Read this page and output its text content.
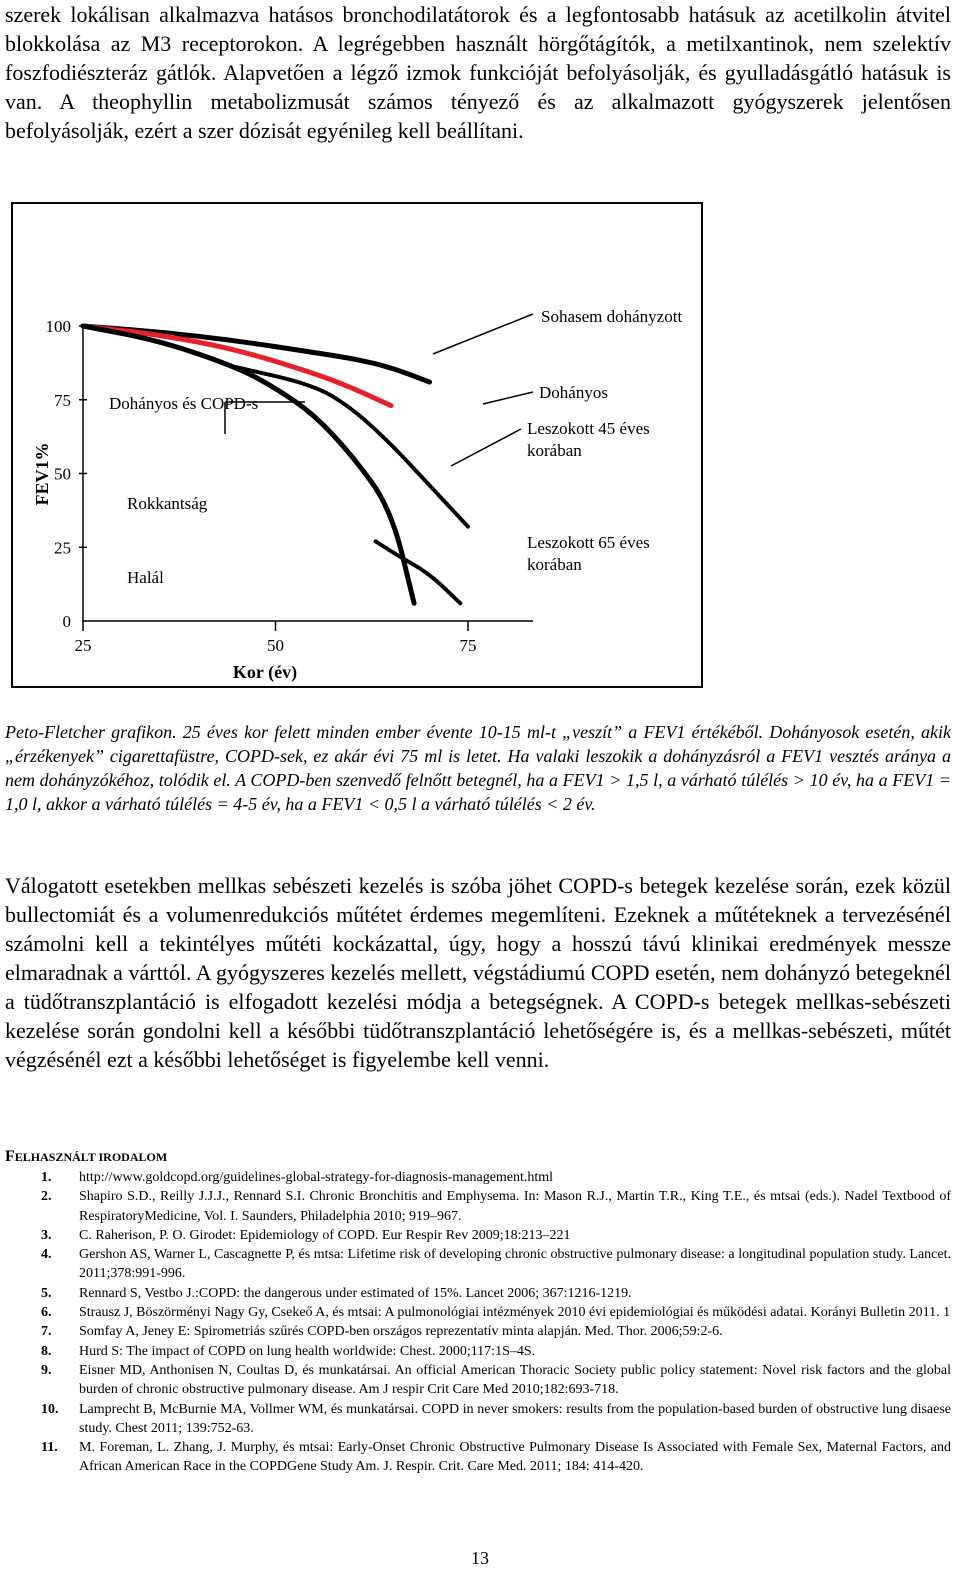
szerek lokálisan alkalmazva hatásos bronchodilatátorok és a legfontosabb hatásuk az acetilkolin átvitel blokkolása az M3 receptorokon. A legrégebben használt hörgőtágítók, a metilxantinok, nem szelektív foszfodiészteráz gátlók. Alapvetően a légző izmok funkcióját befolyásolják, és gyulladásgátló hatásuk is van. A theophyllin metabolizmusát számos tényező és az alkalmazott gyógyszerek jelentősen befolyásolják, ezért a szer dózisát egyénileg kell beállítani.
0
25
50
75
100
25	50	75
Kor (év)
FEV1%
Sohasem dohányzott
Dohányos
Leszokott 45 éves korában
Leszokott 65 éves korában
Dohányos és COPD-s
Rokkantság
Halál
Peto-Fletcher grafikon. 25 éves kor felett minden ember évente 10-15 ml-t „veszít” a FEV1 értékéből. Dohányosok esetén, akik „érzékenyek” cigarettafüstre, COPD-sek, ez akár évi 75 ml is letet. Ha valaki leszokik a dohányzásról a FEV1 vesztés aránya a nem dohányzókéhoz, tolódik el. A COPD-ben szenvedő felnőtt betegnél, ha a FEV1 > 1,5 l, a várható túlélés > 10 év, ha a FEV1 = 1,0 l, akkor a várható túlélés = 4-5 év, ha a FEV1 < 0,5 l a várható túlélés < 2 év.
Válogatott esetekben mellkas sebészeti kezelés is szóba jöhet COPD-s betegek kezelése során, ezek közül bullectomiát és a volumenredukciós műtétet érdemes megemlíteni. Ezeknek a műtéteknek a tervezésénél számolni kell a tekintélyes műtéti kockázattal, úgy, hogy a hosszú távú klinikai eredmények messze elmaradnak a várttól. A gyógyszeres kezelés mellett, végstádiumú COPD esetén, nem dohányzó betegeknél a tüdőtranszplantáció is elfogadott kezelési módja a betegségnek. A COPD-s betegek mellkas-sebészeti kezelése során gondolni kell a későbbi tüdőtranszplantáció lehetőségére is, és a mellkas-sebészeti, műtét végzésénél ezt a későbbi lehetőséget is figyelembe kell venni.
FELHASZNÁLT IRODALOM
1. http://www.goldcopd.org/guidelines-global-strategy-for-diagnosis-management.html
2. Shapiro S.D., Reilly J.J.J., Rennard S.I. Chronic Bronchitis and Emphysema. In: Mason R.J., Martin T.R., King T.E., és mtsai (eds.). Nadel Textbood of RespiratoryMedicine, Vol. I. Saunders, Philadelphia 2010; 919–967.
3. C. Raherison, P. O. Girodet: Epidemiology of COPD. Eur Respir Rev 2009;18:213–221
4. Gershon AS, Warner L, Cascagnette P, és mtsa: Lifetime risk of developing chronic obstructive pulmonary disease: a longitudinal population study. Lancet. 2011;378:991-996.
5. Rennard S, Vestbo J.:COPD: the dangerous under estimated of 15%. Lancet 2006; 367:1216-1219.
6. Strausz J, Böszörményi Nagy Gy, Csekeő A, és mtsai: A pulmonológiai intézmények 2010 évi epidemiológiai és működési adatai. Korányi Bulletin 2011. 1
7. Somfay A, Jeney E: Spirometriás szűrés COPD-ben országos reprezentatív minta alapján. Med. Thor. 2006;59:2-6.
8. Hurd S: The impact of COPD on lung health worldwide: Chest. 2000;117:1S–4S.
9. Eisner MD, Anthonisen N, Coultas D, és munkatársai. An official American Thoracic Society public policy statement: Novel risk factors and the global burden of chronic obstructive pulmonary disease. Am J respir Crit Care Med 2010;182:693-718.
10. Lamprecht B, McBurnie MA, Vollmer WM, és munkatársai. COPD in never smokers: results from the population-based burden of obstructive lung disaese study. Chest 2011; 139:752-63.
11. M. Foreman, L. Zhang, J. Murphy, és mtsai: Early-Onset Chronic Obstructive Pulmonary Disease Is Associated with Female Sex, Maternal Factors, and African American Race in the COPDGene Study Am. J. Respir. Crit. Care Med. 2011; 184: 414-420.
13
